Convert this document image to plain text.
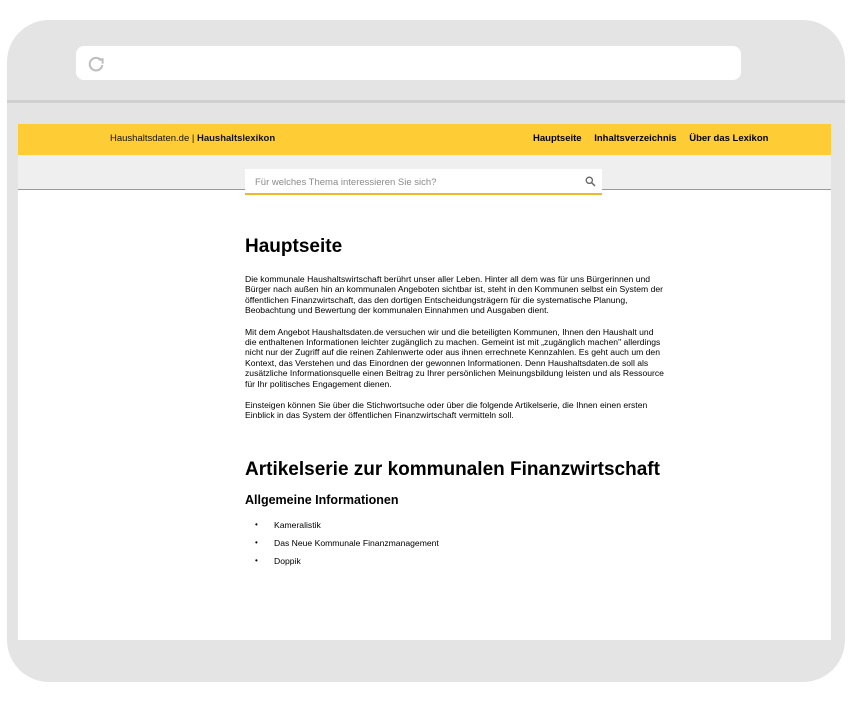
Haushaltsdaten.de | Haushaltslexikon	Hauptseite Inhaltsverzeichnis Über das Lexikon
Für welches Thema interessieren Sie sich?
Hauptseite

Die kommunale Haushaltswirtschaft berührt unser aller Leben. Hinter all dem was für uns Bürgerinnen und Bürger nach außen hin an kommunalen Angeboten sichtbar ist, steht in den Kommunen selbst ein System der öffentlichen Finanzwirtschaft, das den dortigen Entscheidungsträgern für die systematische Planung, Beobachtung und Bewertung der kommunalen Einnahmen und Ausgaben dient.

Mit dem Angebot Haushaltsdaten.de versuchen wir und die beteiligten Kommunen, Ihnen den Haushalt und die enthaltenen Informationen leichter zugänglich zu machen. Gemeint ist mit „zugänglich machen" allerdings nicht nur der Zugriff auf die reinen Zahlenwerte oder aus ihnen errechnete Kennzahlen. Es geht auch um den Kontext, das Verstehen und das Einordnen der gewonnen Informationen. Denn Haushaltsdaten.de soll als zusätzliche Informationsquelle einen Beitrag zu Ihrer persönlichen Meinungsbildung leisten und als Ressource für Ihr politisches Engagement dienen.

Einsteigen können Sie über die Stichwortsuche oder über die folgende Artikelserie, die Ihnen einen ersten Einblick in das System der öffentlichen Finanzwirtschaft vermitteln soll.

Artikelserie zur kommunalen Finanzwirtschaft
Allgemeine Informationen
• Kameralistik
• Das Neue Kommunale Finanzmanagement
• Doppik
